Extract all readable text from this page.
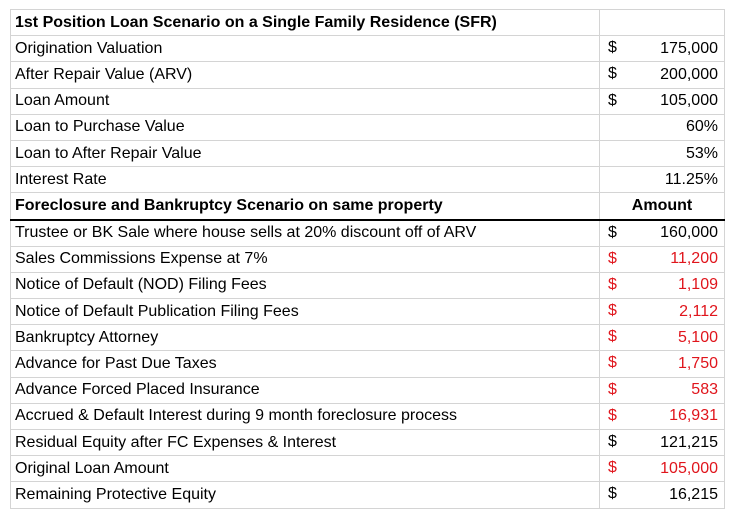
1st Position Loan Scenario on a Single Family Residence (SFR)	
Origination Valuation	$ 175,000

After Repair Value (ARV)	$ 200,000

Loan Amount	$ 105,000

Loan to Purchase Value	60%

Loan to After Repair Value	53%

Interest Rate	11.25%

Foreclosure and Bankruptcy Scenario on same property	Amount
Trustee or BK Sale where house sells at 20% discount off of ARV	$ 160,000

Sales Commissions Expense at 7%	$ 11,200

Notice of Default (NOD) Filing Fees	$ 1,109

Notice of Default Publication Filing Fees	$ 2,112

Bankruptcy Attorney	$ 5,100

Advance for Past Due Taxes	$ 1,750

Advance Forced Placed Insurance	$ 583

Accrued & Default Interest during 9 month foreclosure process	$ 16,931

Residual Equity after FC Expenses & Interest	$ 121,215

Original Loan Amount	$ 105,000

Remaining Protective Equity	$ 16,215
